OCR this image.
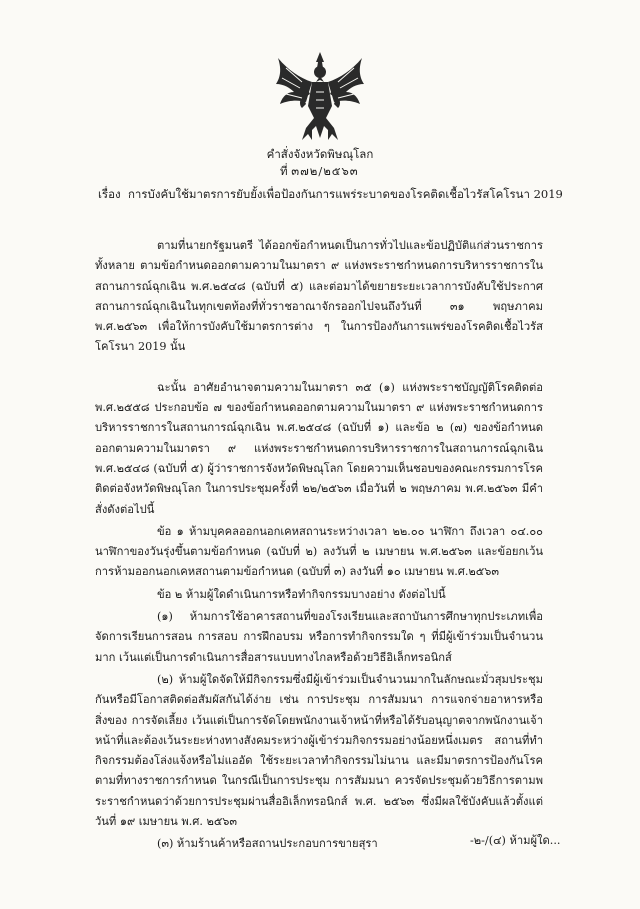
คำสั่งจังหวัดพิษณุโลก
ที่ ๓๗๒/๒๕๖๓
เรื่อง การบังคับใช้มาตรการยับยั้งเพื่อป้องกันการแพร่ระบาดของโรคติดเชื้อไวรัสโคโรนา 2019

ตามที่นายกรัฐมนตรี ได้ออกข้อกำหนดเป็นการทั่วไปและข้อปฏิบัติแก่ส่วนราชการทั้งหลาย ตามข้อกำหนดออกตามความในมาตรา ๙ แห่งพระราชกำหนดการบริหารราชการในสถานการณ์ฉุกเฉิน พ.ศ.๒๕๔๘ (ฉบับที่ ๕) และต่อมาได้ขยายระยะเวลาการบังคับใช้ประกาศสถานการณ์ฉุกเฉินในทุกเขตท้องที่ทั่วราชอาณาจักรออกไปจนถึงวันที่ ๓๑ พฤษภาคม พ.ศ.๒๕๖๓ เพื่อให้การบังคับใช้มาตรการต่าง ๆ ในการป้องกันการแพร่ของโรคติดเชื้อไวรัสโคโรนา 2019 นั้น

ฉะนั้น อาศัยอำนาจตามความในมาตรา ๓๕ (๑) แห่งพระราชบัญญัติโรคติดต่อ พ.ศ.๒๕๕๘ ประกอบข้อ ๗ ของข้อกำหนดออกตามความในมาตรา ๙ แห่งพระราชกำหนดการบริหารราชการในสถานการณ์ฉุกเฉิน พ.ศ.๒๕๔๘ (ฉบับที่ ๑) และข้อ ๒ (๗) ของข้อกำหนดออกตามความในมาตรา ๙ แห่งพระราชกำหนดการบริหารราชการในสถานการณ์ฉุกเฉิน พ.ศ.๒๕๔๘ (ฉบับที่ ๕) ผู้ว่าราชการจังหวัดพิษณุโลก โดยความเห็นชอบของคณะกรรมการโรคติดต่อจังหวัดพิษณุโลก ในการประชุมครั้งที่ ๒๒/๒๕๖๓ เมื่อวันที่ ๒ พฤษภาคม พ.ศ.๒๕๖๓ มีคำสั่งดังต่อไปนี้

ข้อ ๑ ห้ามบุคคลออกนอกเคหสถานระหว่างเวลา ๒๒.๐๐ นาฬิกา ถึงเวลา ๐๔.๐๐ นาฬิกาของวันรุ่งขึ้นตามข้อกำหนด (ฉบับที่ ๒) ลงวันที่ ๒ เมษายน พ.ศ.๒๕๖๓ และข้อยกเว้นการห้ามออกนอกเคหสถานตามข้อกำหนด (ฉบับที่ ๓) ลงวันที่ ๑๐ เมษายน พ.ศ.๒๕๖๓

ข้อ ๒ ห้ามผู้ใดดำเนินการหรือทำกิจกรรมบางอย่าง ดังต่อไปนี้

(๑) ห้ามการใช้อาคารสถานที่ของโรงเรียนและสถาบันการศึกษาทุกประเภทเพื่อจัดการเรียนการสอน การสอบ การฝึกอบรม หรือการทำกิจกรรมใด ๆ ที่มีผู้เข้าร่วมเป็นจำนวนมาก เว้นแต่เป็นการดำเนินการสื่อสารแบบทางไกลหรือด้วยวิธีอิเล็กทรอนิกส์

(๒) ห้ามผู้ใดจัดให้มีกิจกรรมซึ่งมีผู้เข้าร่วมเป็นจำนวนมากในลักษณะมั่วสุมประชุมกันหรือมีโอกาสติดต่อสัมผัสกันได้ง่าย เช่น การประชุม การสัมมนา การแจกจ่ายอาหารหรือสิ่งของ การจัดเลี้ยง เว้นแต่เป็นการจัดโดยพนักงานเจ้าหน้าที่หรือได้รับอนุญาตจากพนักงานเจ้าหน้าที่และต้องเว้นระยะห่างทางสังคมระหว่างผู้เข้าร่วมกิจกรรมอย่างน้อยหนึ่งเมตร สถานที่ทำกิจกรรมต้องโล่งแจ้งหรือไม่แออัด ใช้ระยะเวลาทำกิจกรรมไม่นาน และมีมาตรการป้องกันโรคตามที่ทางราชการกำหนด ในกรณีเป็นการประชุม การสัมมนา ควรจัดประชุมด้วยวิธีการตามพระราชกำหนดว่าด้วยการประชุมผ่านสื่ออิเล็กทรอนิกส์ พ.ศ. ๒๕๖๓ ซึ่งมีผลใช้บังคับแล้วตั้งแต่วันที่ ๑๙ เมษายน พ.ศ. ๒๕๖๓

(๓) ห้ามร้านค้าหรือสถานประกอบการขายสุรา	-๒-/(๔) ห้ามผู้ใด...
